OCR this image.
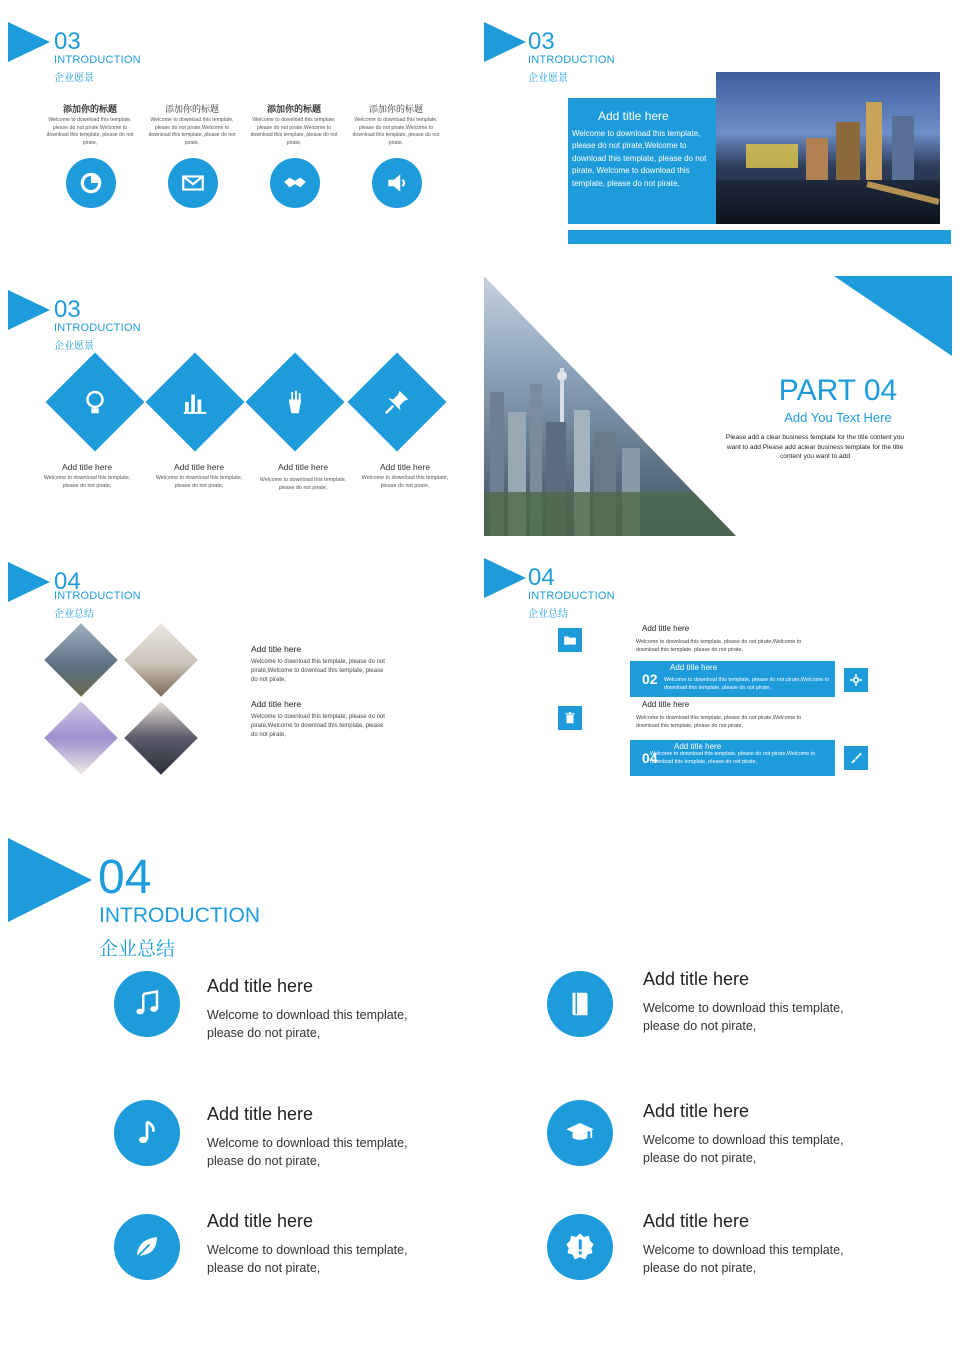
03
INTRODUCTION
企业愿景
添加你的标题
Welcome to download this template, please do not pirate,Welcome to download this template, please do not pirate,
添加你的标题
Welcome to download this template, please do not pirate,Welcome to download this template, please do not pirate,
添加你的标题
Welcome to download this template, please do not pirate,Welcome to download this template, please do not pirate,
添加你的标题
Welcome to download this template, please do not pirate,Welcome to download this template, please do not pirate,
03
INTRODUCTION
企业愿景
Add title here
Welcome to download this template, please do not pirate,Welcome to download this template, please do not pirate, Welcome to download this template, please do not pirate,
03
INTRODUCTION
企业愿景
Add title here
Welcome to download this template, please do not pirate,
Add title here
Welcome to download this template, please do not pirate,
Add title here
Welcome to download this template, please do not pirate,
Add title here
Welcome to download this template, please do not pirate,
PART 04
Add You Text Here
Please add a clear business template for the title content you want to add Please add aclear business template for the title content you want to add
04
INTRODUCTION
企业总结
Add title here
Welcome to download this template, please do not pirate,Welcome to download this template, please do not pirate,
Add title here
Welcome to download this template, please do not pirate,Welcome to download this template, please do not pirate,
04
INTRODUCTION
企业总结
Add title here
Welcome to download this template, please do not pirate,Welcome to download this template, please do not pirate,
02
Add title here
Welcome to download this template, please do not pirate,Welcome to download this template, please do not pirate,
Add title here
Welcome to download this template, please do not pirate,Welcome to download this template, please do not pirate,
04
Add title here
Welcome to download this template, please do not pirate,Welcome to download this template, please do not pirate,
04
INTRODUCTION
企业总结
Add title here
Welcome to download this template,
please do not pirate,
Add title here
Welcome to download this template,
please do not pirate,
Add title here
Welcome to download this template,
please do not pirate,
Add title here
Welcome to download this template,
please do not pirate,
Add title here
Welcome to download this template,
please do not pirate,
Add title here
Welcome to download this template,
please do not pirate,
